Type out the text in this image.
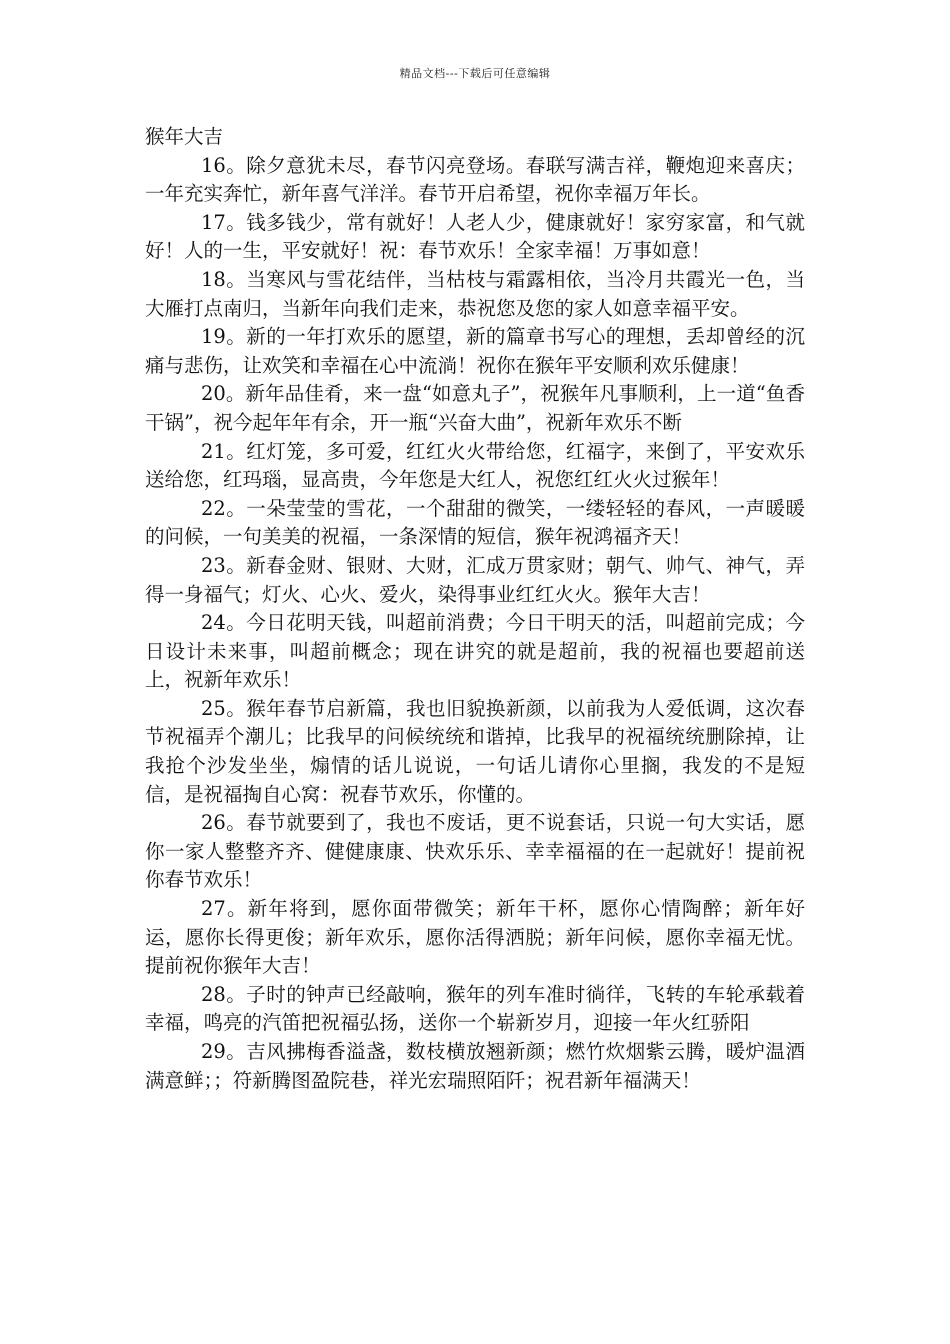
精品文档---下载后可任意编辑

猴年大吉

16。除夕意犹未尽，春节闪亮登场。春联写满吉祥，鞭炮迎来喜庆；一年充实奔忙，新年喜气洋洋。春节开启希望，祝你幸福万年长。

17。钱多钱少，常有就好！人老人少，健康就好！家穷家富，和气就好！人的一生，平安就好！祝：春节欢乐！全家幸福！万事如意！

18。当寒风与雪花结伴，当枯枝与霜露相依，当冷月共霞光一色，当大雁打点南归，当新年向我们走来，恭祝您及您的家人如意幸福平安。

19。新的一年打欢乐的愿望，新的篇章书写心的理想，丢却曾经的沉痛与悲伤，让欢笑和幸福在心中流淌！祝你在猴年平安顺利欢乐健康！

20。新年品佳肴，来一盘“如意丸子”，祝猴年凡事顺利，上一道“鱼香干锅”，祝今起年年有余，开一瓶“兴奋大曲”，祝新年欢乐不断

21。红灯笼，多可爱，红红火火带给您，红福字，来倒了，平安欢乐送给您，红玛瑙，显高贵，今年您是大红人，祝您红红火火过猴年！

22。一朵莹莹的雪花，一个甜甜的微笑，一缕轻轻的春风，一声暖暖的问候，一句美美的祝福，一条深情的短信，猴年祝鸿福齐天！

23。新春金财、银财、大财，汇成万贯家财；朝气、帅气、神气，弄得一身福气；灯火、心火、爱火，染得事业红红火火。猴年大吉！

24。今日花明天钱，叫超前消费；今日干明天的活，叫超前完成；今日设计未来事，叫超前概念；现在讲究的就是超前，我的祝福也要超前送上，祝新年欢乐！

25。猴年春节启新篇，我也旧貌换新颜，以前我为人爱低调，这次春节祝福弄个潮儿；比我早的问候统统和谐掉，比我早的祝福统统删除掉，让我抢个沙发坐坐，煽情的话儿说说，一句话儿请你心里搁，我发的不是短信，是祝福掏自心窝：祝春节欢乐，你懂的。

26。春节就要到了，我也不废话，更不说套话，只说一句大实话，愿你一家人整整齐齐、健健康康、快欢乐乐、幸幸福福的在一起就好！提前祝你春节欢乐！

27。新年将到，愿你面带微笑；新年干杯，愿你心情陶醉；新年好运，愿你长得更俊；新年欢乐，愿你活得洒脱；新年问候，愿你幸福无忧。提前祝你猴年大吉！

28。子时的钟声已经敲响，猴年的列车准时徜徉，飞转的车轮承载着幸福，鸣亮的汽笛把祝福弘扬，送你一个崭新岁月，迎接一年火红骄阳

29。吉风拂梅香溢盏，数枝横放翘新颜；燃竹炊烟紫云腾，暖炉温酒满意鲜；；符新腾图盈院巷，祥光宏瑞照陌阡；祝君新年福满天！
